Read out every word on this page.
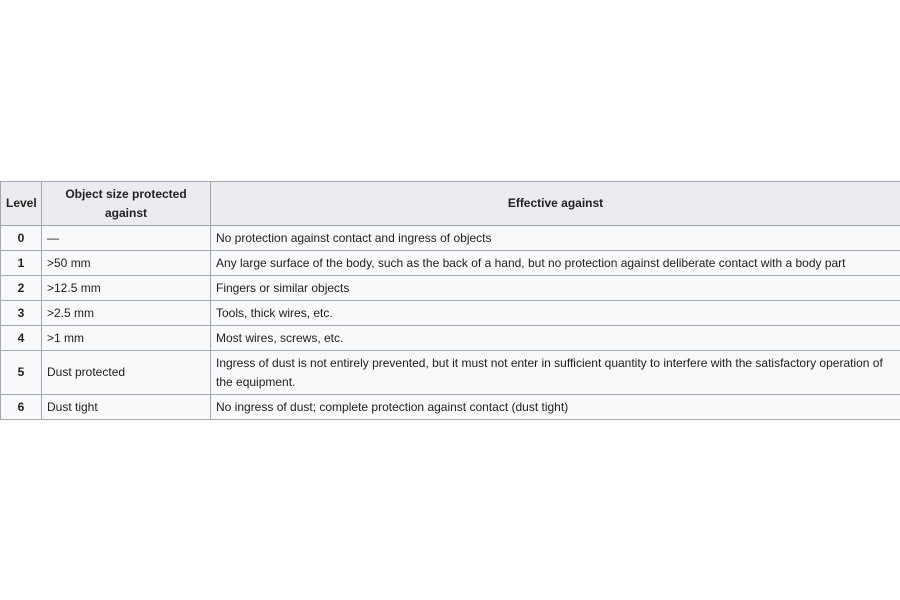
Level	Object size protected against	Effective against
0	—	No protection against contact and ingress of objects
1	>50 mm	Any large surface of the body, such as the back of a hand, but no protection against deliberate contact with a body part
2	>12.5 mm	Fingers or similar objects
3	>2.5 mm	Tools, thick wires, etc.
4	>1 mm	Most wires, screws, etc.
5	Dust protected	Ingress of dust is not entirely prevented, but it must not enter in sufficient quantity to interfere with the satisfactory operation of the equipment.
6	Dust tight	No ingress of dust; complete protection against contact (dust tight)
